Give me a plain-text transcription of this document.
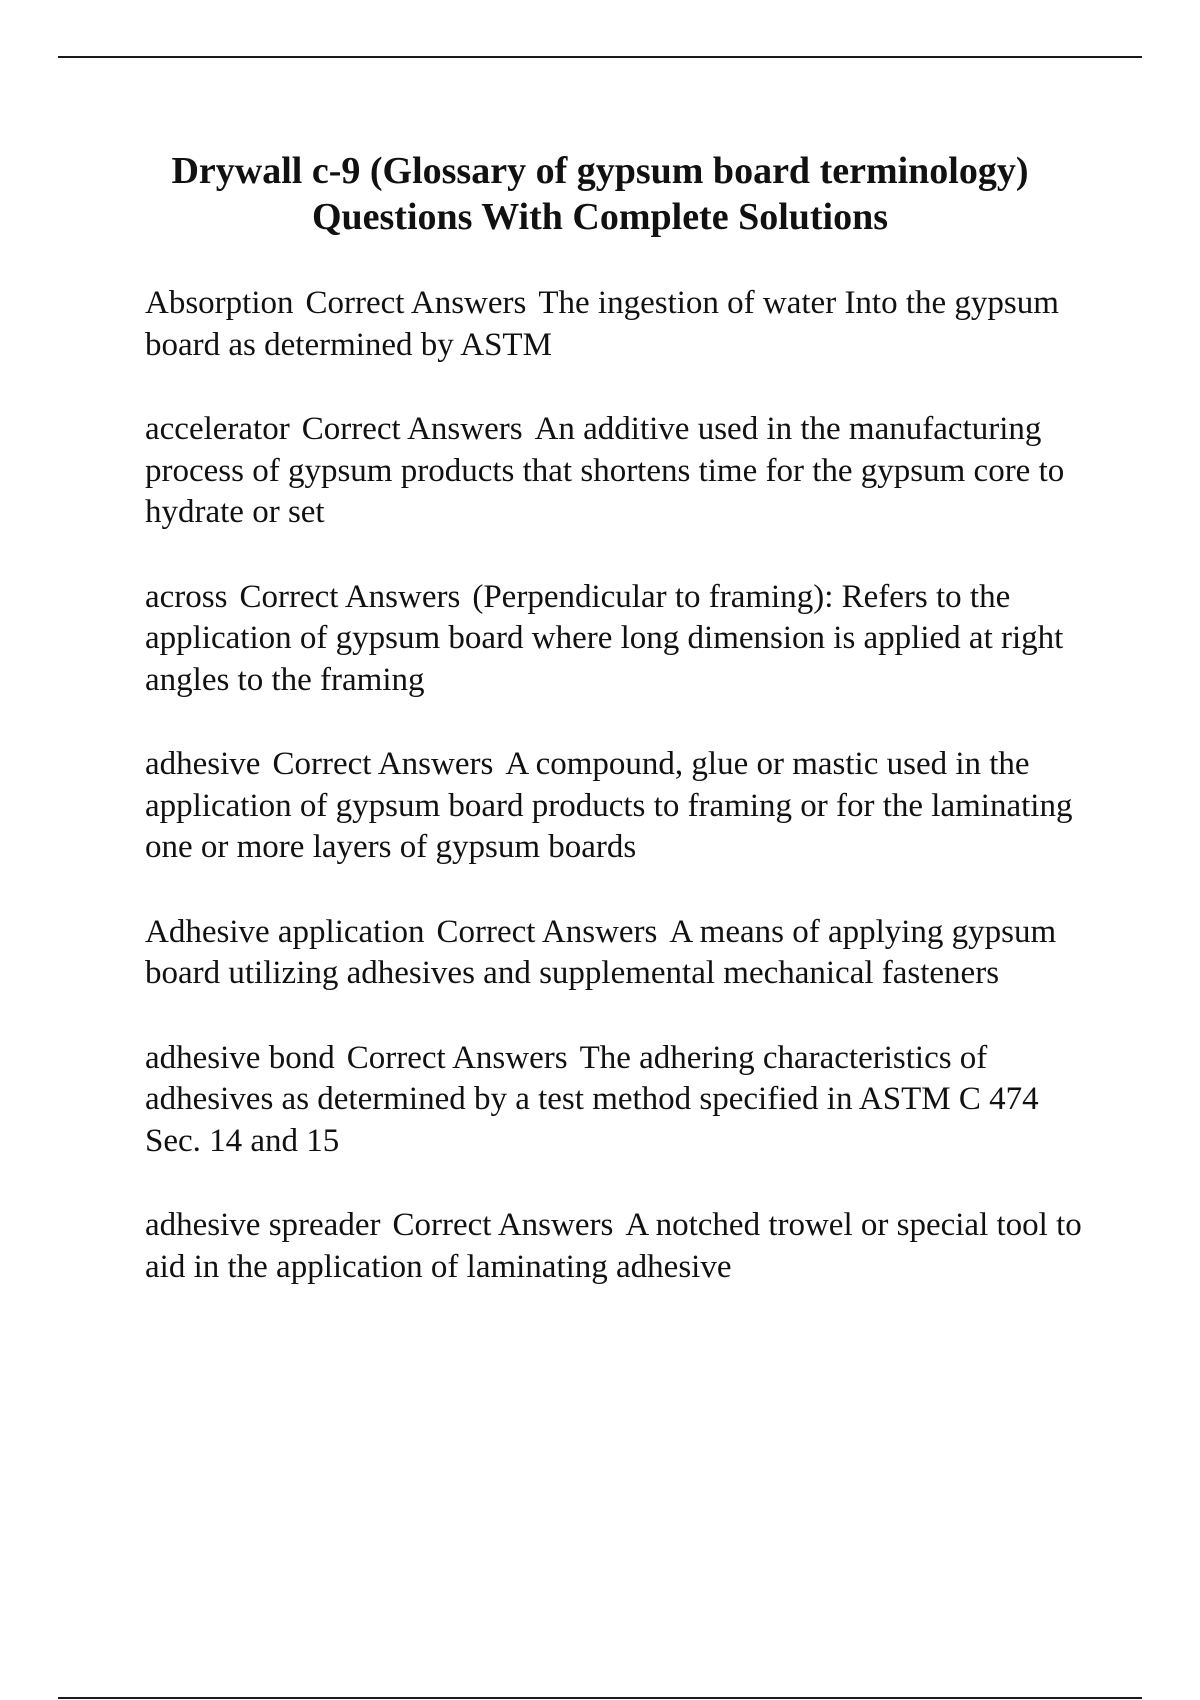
Drywall c-9 (Glossary of gypsum board terminology)
Questions With Complete Solutions
Absorption Correct Answers The ingestion of water Into the gypsum board as determined by ASTM
accelerator Correct Answers An additive used in the manufacturing process of gypsum products that shortens time for the gypsum core to hydrate or set
across Correct Answers (Perpendicular to framing): Refers to the application of gypsum board where long dimension is applied at right angles to the framing
adhesive Correct Answers A compound, glue or mastic used in the application of gypsum board products to framing or for the laminating one or more layers of gypsum boards
Adhesive application Correct Answers A means of applying gypsum board utilizing adhesives and supplemental mechanical fasteners
adhesive bond Correct Answers The adhering characteristics of adhesives as determined by a test method specified in ASTM C 474 Sec. 14 and 15
adhesive spreader Correct Answers A notched trowel or special tool to aid in the application of laminating adhesive
